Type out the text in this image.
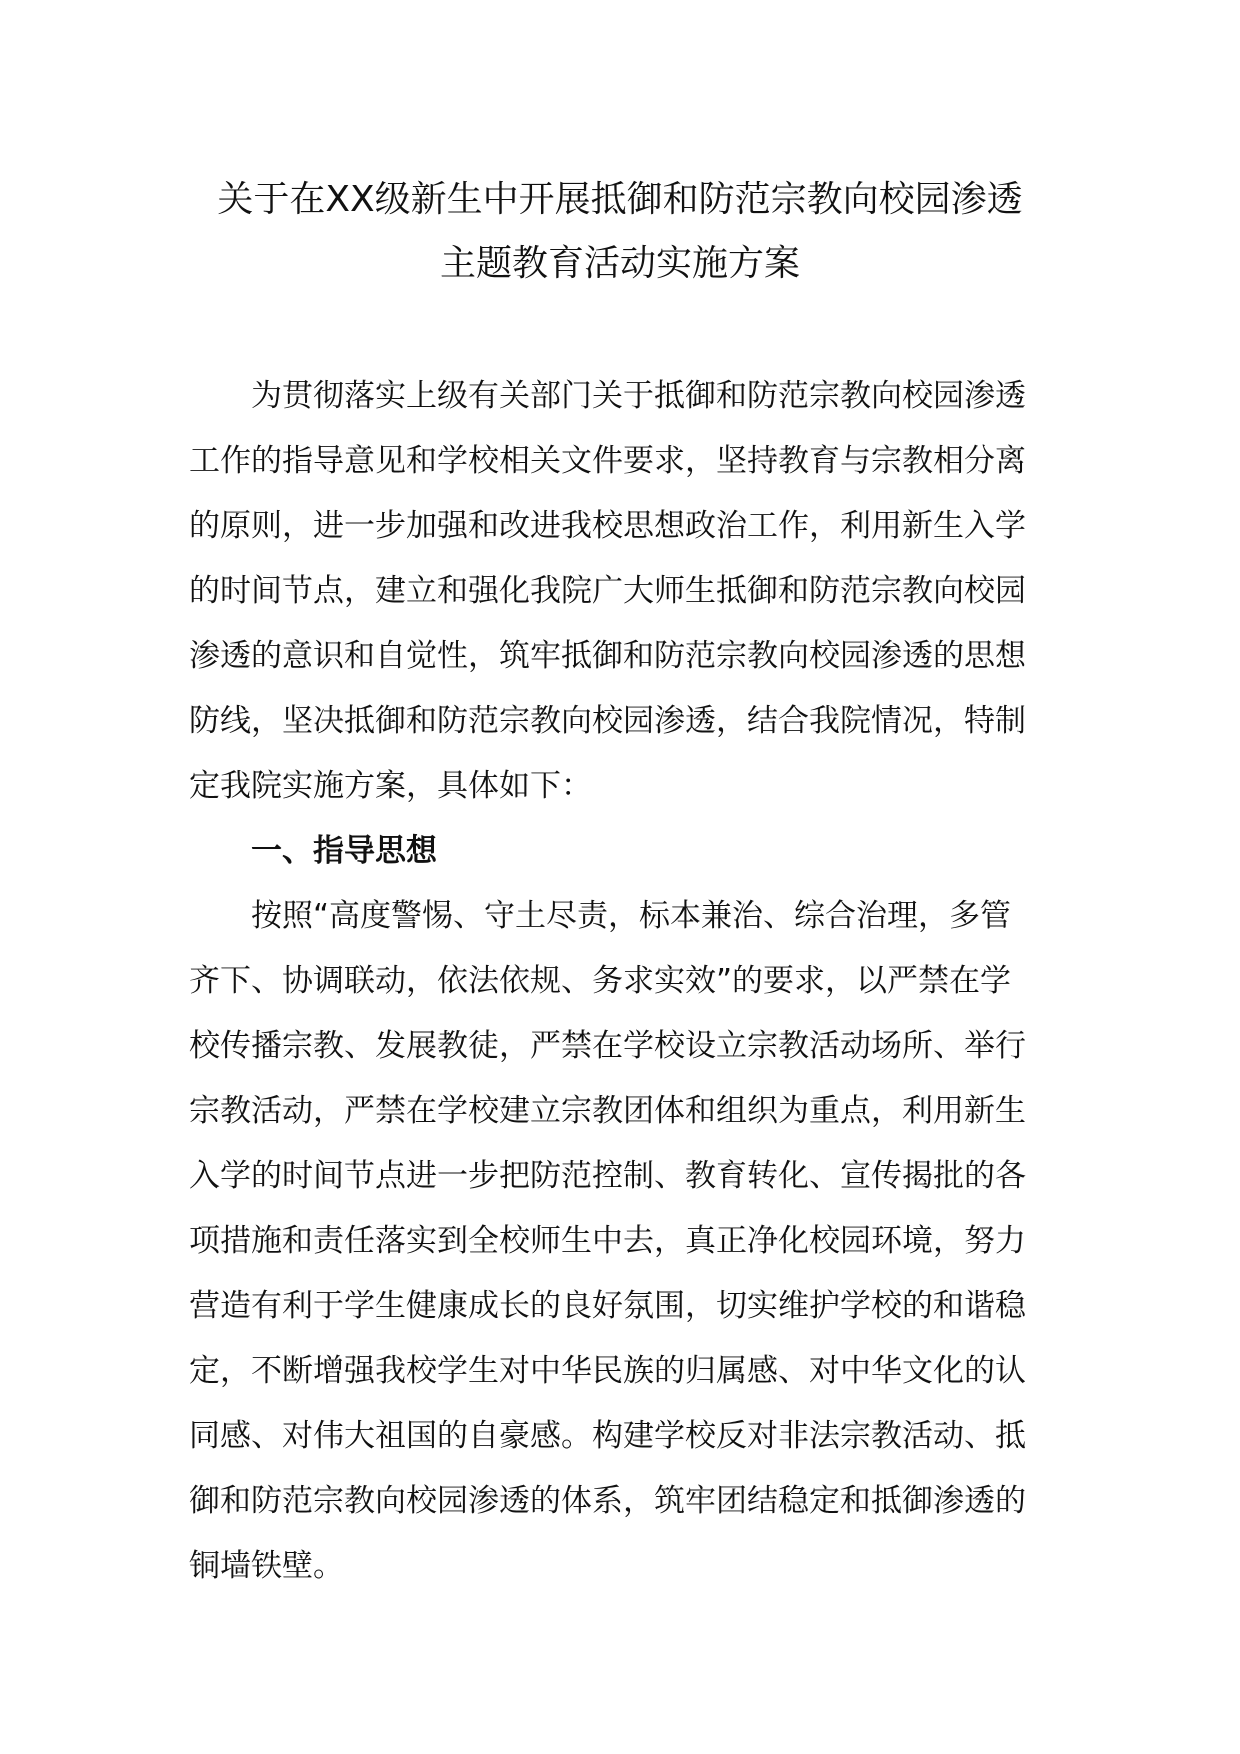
关于在XX级新生中开展抵御和防范宗教向校园渗透
主题教育活动实施方案
为贯彻落实上级有关部门关于抵御和防范宗教向校园渗透
工作的指导意见和学校相关文件要求，坚持教育与宗教相分离
的原则，进一步加强和改进我校思想政治工作，利用新生入学
的时间节点，建立和强化我院广大师生抵御和防范宗教向校园
渗透的意识和自觉性，筑牢抵御和防范宗教向校园渗透的思想
防线，坚决抵御和防范宗教向校园渗透，结合我院情况，特制
定我院实施方案，具体如下：
一、指导思想
按照“高度警惕、守土尽责，标本兼治、综合治理，多管
齐下、协调联动，依法依规、务求实效”的要求，以严禁在学
校传播宗教、发展教徒，严禁在学校设立宗教活动场所、举行
宗教活动，严禁在学校建立宗教团体和组织为重点，利用新生
入学的时间节点进一步把防范控制、教育转化、宣传揭批的各
项措施和责任落实到全校师生中去，真正净化校园环境，努力
营造有利于学生健康成长的良好氛围，切实维护学校的和谐稳
定，不断增强我校学生对中华民族的归属感、对中华文化的认
同感、对伟大祖国的自豪感。构建学校反对非法宗教活动、抵
御和防范宗教向校园渗透的体系，筑牢团结稳定和抵御渗透的
铜墙铁壁。
